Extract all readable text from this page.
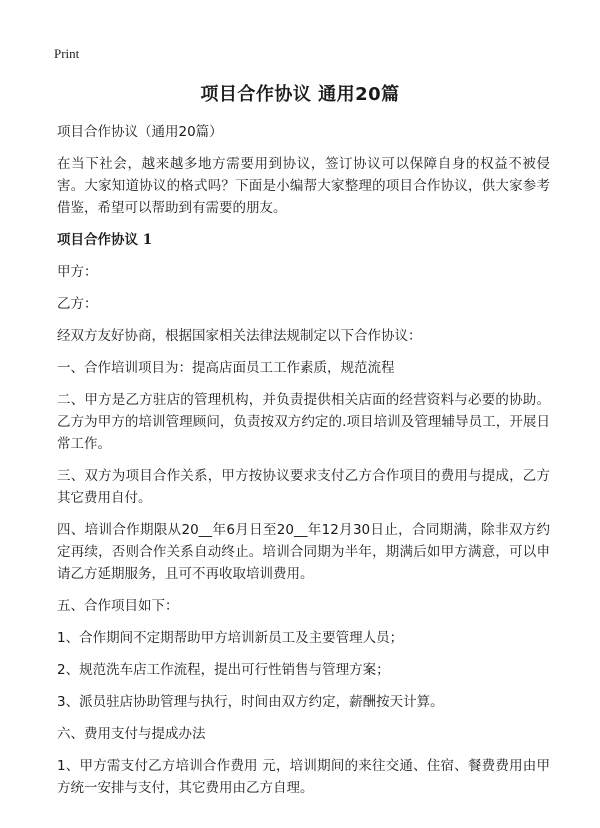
Print
项目合作协议 通用20篇

项目合作协议（通用20篇）

在当下社会，越来越多地方需要用到协议，签订协议可以保障自身的权益不被侵害。大家知道协议的格式吗？下面是小编帮大家整理的项目合作协议，供大家参考借鉴，希望可以帮助到有需要的朋友。

项目合作协议 1

甲方：

乙方：

经双方友好协商，根据国家相关法律法规制定以下合作协议：

一、合作培训项目为：提高店面员工工作素质，规范流程

二、甲方是乙方驻店的管理机构，并负责提供相关店面的经营资料与必要的协助。乙方为甲方的培训管理顾问，负责按双方约定的.项目培训及管理辅导员工，开展日常工作。

三、双方为项目合作关系，甲方按协议要求支付乙方合作项目的费用与提成，乙方其它费用自付。

四、培训合作期限从20__年6月日至20__年12月30日止，合同期满，除非双方约定再续，否则合作关系自动终止。培训合同期为半年，期满后如甲方满意，可以申请乙方延期服务，且可不再收取培训费用。

五、合作项目如下：

1、合作期间不定期帮助甲方培训新员工及主要管理人员；

2、规范洗车店工作流程，提出可行性销售与管理方案；

3、派员驻店协助管理与执行，时间由双方约定，薪酬按天计算。

六、费用支付与提成办法

1、甲方需支付乙方培训合作费用 元，培训期间的来往交通、住宿、餐费费用由甲方统一安排与支付，其它费用由乙方自理。
